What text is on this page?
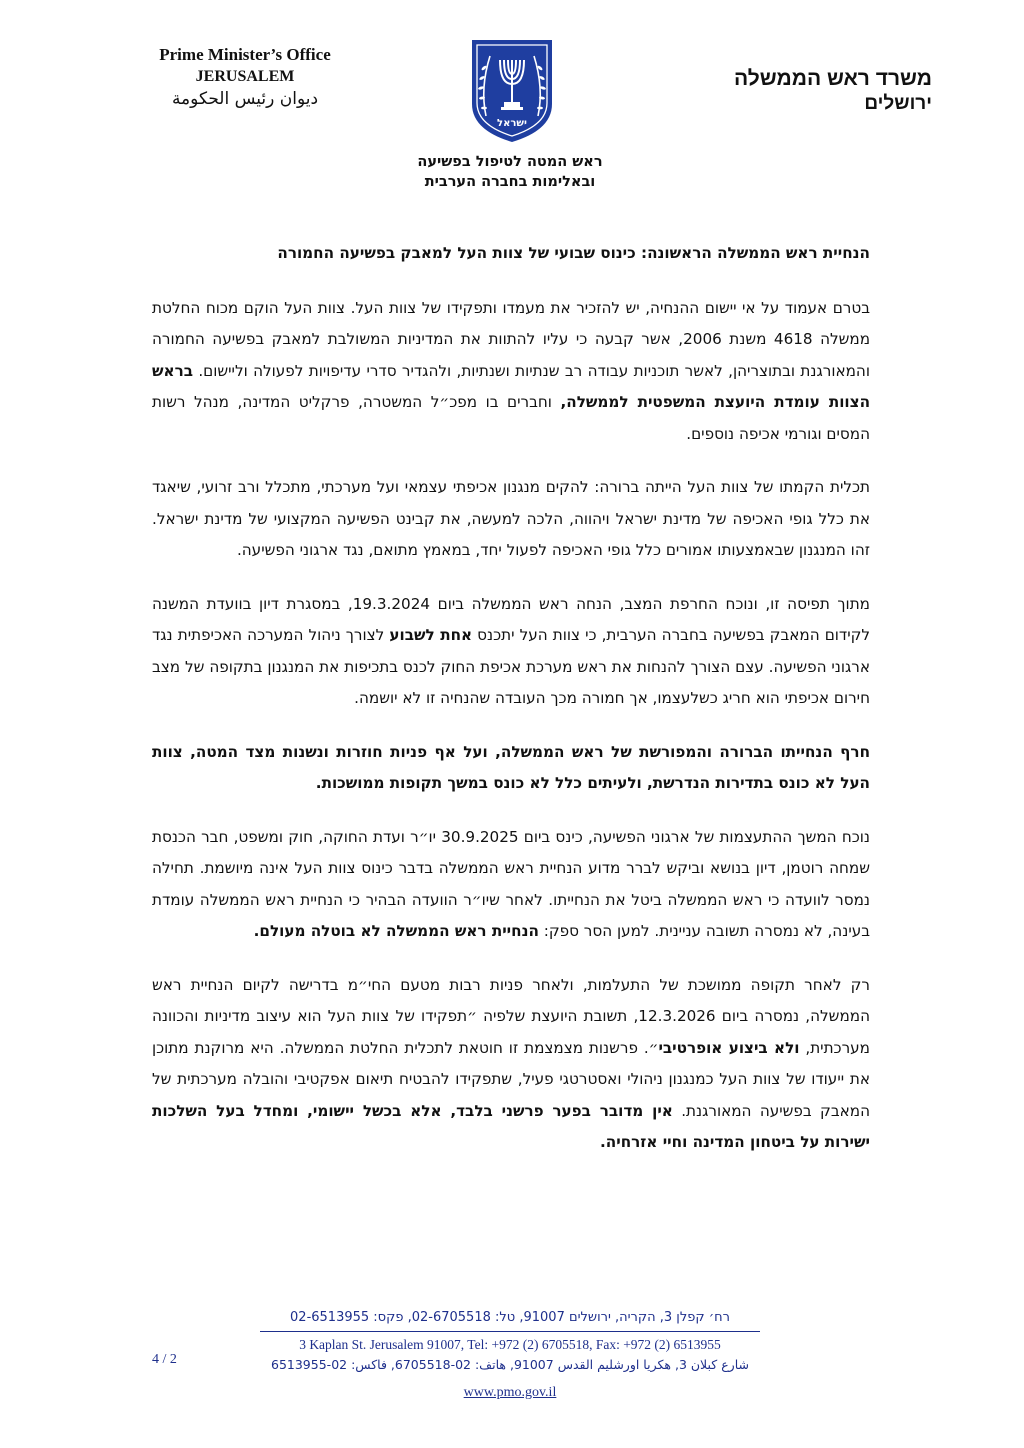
Prime Minister’s Office
JERUSALEM
ديوان رئيس الحكومة
ישראל
משרד ראש הממשלה
ירושלים
ראש המטה לטיפול בפשיעה
ובאלימות בחברה הערבית
הנחיית ראש הממשלה הראשונה: כינוס שבועי של צוות העל למאבק בפשיעה החמורה

בטרם אעמוד על אי יישום ההנחיה, יש להזכיר את מעמדו ותפקידו של צוות העל. צוות העל הוקם מכוח החלטת ממשלה 4618 משנת 2006, אשר קבעה כי עליו להתוות את המדיניות המשולבת למאבק בפשיעה החמורה והמאורגנת ובתוצריהן, לאשר תוכניות עבודה רב שנתיות ושנתיות, ולהגדיר סדרי עדיפויות לפעולה וליישום. בראש הצוות עומדת היועצת המשפטית לממשלה, וחברים בו מפכ״ל המשטרה, פרקליט המדינה, מנהל רשות המסים וגורמי אכיפה נוספים.

תכלית הקמתו של צוות העל הייתה ברורה: להקים מנגנון אכיפתי עצמאי ועל מערכתי, מתכלל ורב זרועי, שיאגד את כלל גופי האכיפה של מדינת ישראל ויהווה, הלכה למעשה, את קבינט הפשיעה המקצועי של מדינת ישראל. זהו המנגנון שבאמצעותו אמורים כלל גופי האכיפה לפעול יחד, במאמץ מתואם, נגד ארגוני הפשיעה.

מתוך תפיסה זו, ונוכח החרפת המצב, הנחה ראש הממשלה ביום 19.3.2024, במסגרת דיון בוועדת המשנה לקידום המאבק בפשיעה בחברה הערבית, כי צוות העל יתכנס אחת לשבוע לצורך ניהול המערכה האכיפתית נגד ארגוני הפשיעה. עצם הצורך להנחות את ראש מערכת אכיפת החוק לכנס בתכיפות את המנגנון בתקופה של מצב חירום אכיפתי הוא חריג כשלעצמו, אך חמורה מכך העובדה שהנחיה זו לא יושמה.

חרף הנחייתו הברורה והמפורשת של ראש הממשלה, ועל אף פניות חוזרות ונשנות מצד המטה, צוות העל לא כונס בתדירות הנדרשת, ולעיתים כלל לא כונס במשך תקופות ממושכות.

נוכח המשך ההתעצמות של ארגוני הפשיעה, כינס ביום 30.9.2025 יו״ר ועדת החוקה, חוק ומשפט, חבר הכנסת שמחה רוטמן, דיון בנושא וביקש לברר מדוע הנחיית ראש הממשלה בדבר כינוס צוות העל אינה מיושמת. תחילה נמסר לוועדה כי ראש הממשלה ביטל את הנחייתו. לאחר שיו״ר הוועדה הבהיר כי הנחיית ראש הממשלה עומדת בעינה, לא נמסרה תשובה עניינית. למען הסר ספק: הנחיית ראש הממשלה לא בוטלה מעולם.

רק לאחר תקופה ממושכת של התעלמות, ולאחר פניות רבות מטעם החי״מ בדרישה לקיום הנחיית ראש הממשלה, נמסרה ביום 12.3.2026, תשובת היועצת שלפיה ״תפקידו של צוות העל הוא עיצוב מדיניות והכוונה מערכתית, ולא ביצוע אופרטיבי״. פרשנות מצמצמת זו חוטאת לתכלית החלטת הממשלה. היא מרוקנת מתוכן את ייעודו של צוות העל כמנגנון ניהולי ואסטרטגי פעיל, שתפקידו להבטיח תיאום אפקטיבי והובלה מערכתית של המאבק בפשיעה המאורגנת. אין מדובר בפער פרשני בלבד, אלא בכשל יישומי, ומחדל בעל השלכות ישירות על ביטחון המדינה וחיי אזרחיה.

רח׳ קפלן 3, הקריה, ירושלים 91007, טל: 02-6705518, פקס: 02-6513955
3 Kaplan St. Jerusalem 91007, Tel: +972 (2) 6705518, Fax: +972 (2) 6513955
شارع كبلان 3, هكريا اورشليم القدس 91007, هاتف: 02-6705518, فاكس: 02-6513955
www.pmo.gov.il
4 / 2
